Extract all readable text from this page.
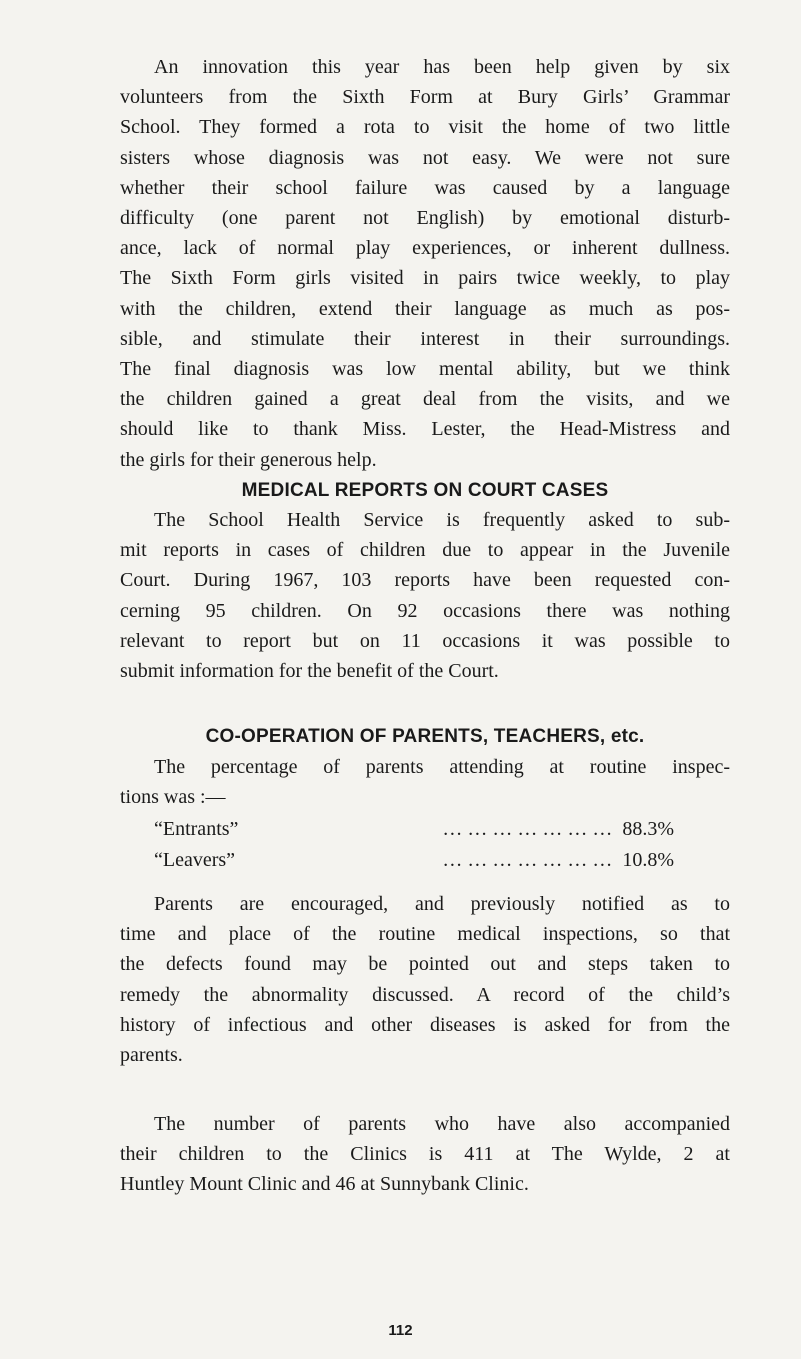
An innovation this year has been help given by six
volunteers from the Sixth Form at Bury Girls’ Grammar
School. They formed a rota to visit the home of two little
sisters whose diagnosis was not easy. We were not sure
whether their school failure was caused by a language
difficulty (one parent not English) by emotional disturb-
ance, lack of normal play experiences, or inherent dullness.
The Sixth Form girls visited in pairs twice weekly, to play
with the children, extend their language as much as pos-
sible, and stimulate their interest in their surroundings.
The final diagnosis was low mental ability, but we think
the children gained a great deal from the visits, and we
should like to thank Miss. Lester, the Head-Mistress and
the girls for their generous help.
MEDICAL REPORTS ON COURT CASES
The School Health Service is frequently asked to sub-
mit reports in cases of children due to appear in the Juvenile
Court. During 1967, 103 reports have been requested con-
cerning 95 children. On 92 occasions there was nothing
relevant to report but on 11 occasions it was possible to
submit information for the benefit of the Court.
CO-OPERATION OF PARENTS, TEACHERS, etc.
The percentage of parents attending at routine inspec-
tions was :—
“Entrants”	… … … … … … … 88.3%
“Leavers”	… … … … … … … 10.8%
Parents are encouraged, and previously notified as to
time and place of the routine medical inspections, so that
the defects found may be pointed out and steps taken to
remedy the abnormality discussed. A record of the child’s
history of infectious and other diseases is asked for from the
parents.
The number of parents who have also accompanied
their children to the Clinics is 411 at The Wylde, 2 at
Huntley Mount Clinic and 46 at Sunnybank Clinic.
112
